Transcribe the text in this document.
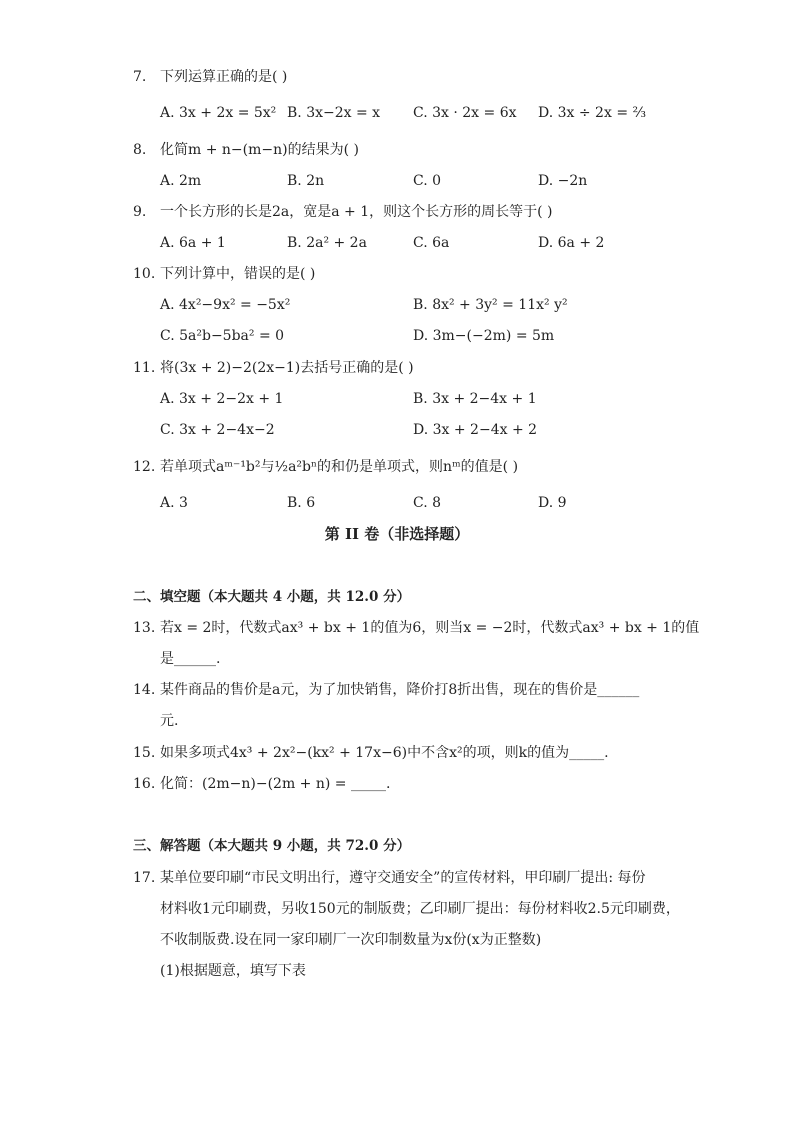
7. 下列运算正确的是( )
A. 3x + 2x = 5x² B. 3x−2x = x C. 3x · 2x = 6x D. 3x ÷ 2x = ⅔
8. 化简m + n−(m−n)的结果为( )
A. 2m	B. 2n	C. 0	D. −2n
9. 一个长方形的长是2a，宽是a + 1，则这个长方形的周长等于( )
A. 6a + 1	B. 2a² + 2a	C. 6a	D. 6a + 2
10. 下列计算中，错误的是( )
A. 4x²−9x² = −5x²	B. 8x² + 3y² = 11x² y²
C. 5a²b−5ba² = 0	D. 3m−(−2m) = 5m
11. 将(3x + 2)−2(2x−1)去括号正确的是( )
A. 3x + 2−2x + 1	B. 3x + 2−4x + 1
C. 3x + 2−4x−2	D. 3x + 2−4x + 2
12. 若单项式aᵐ⁻¹b²与½a²bⁿ的和仍是单项式，则nᵐ的值是( )
A. 3	B. 6	C. 8	D. 9
第 II 卷（非选择题）
二、填空题（本大题共 4 小题，共 12.0 分）
13. 若x = 2时，代数式ax³ + bx + 1的值为6，则当x = −2时，代数式ax³ + bx + 1的值
是______.
14. 某件商品的售价是a元，为了加快销售，降价打8折出售，现在的售价是______
元.
15. 如果多项式4x³ + 2x²−(kx² + 17x−6)中不含x²的项，则k的值为_____.
16. 化简：(2m−n)−(2m + n) = _____.
三、解答题（本大题共 9 小题，共 72.0 分）
17. 某单位要印刷“市民文明出行，遵守交通安全”的宣传材料，甲印刷厂提出: 每份
材料收1元印刷费，另收150元的制版费；乙印刷厂提出：每份材料收2.5元印刷费，
不收制版费.设在同一家印刷厂一次印制数量为x份(x为正整数)
(1)根据题意，填写下表
